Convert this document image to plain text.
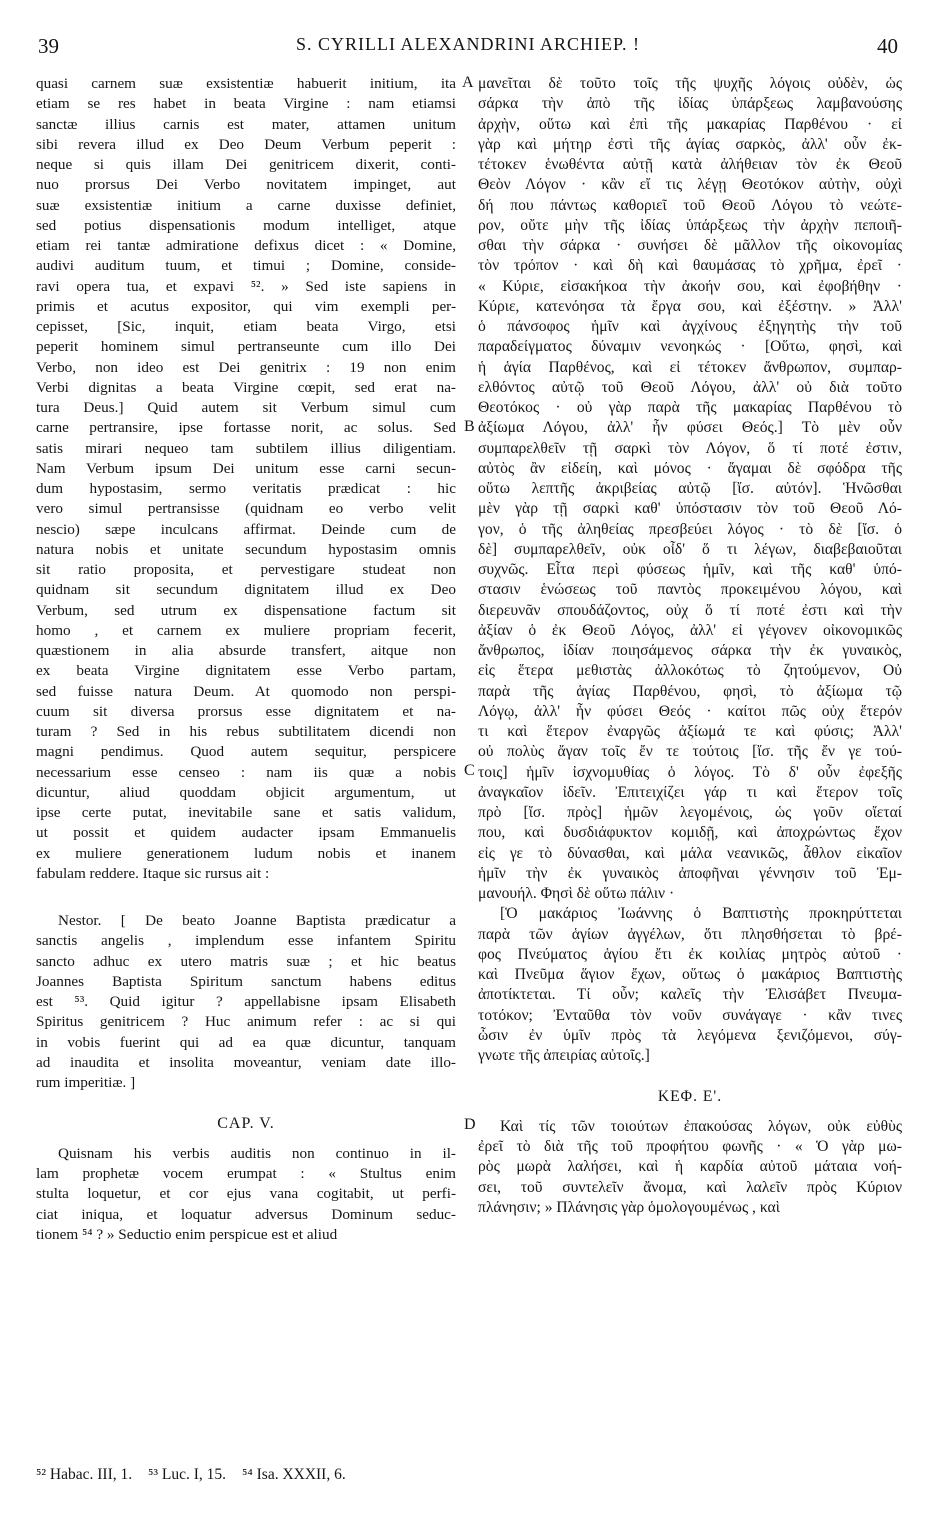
39	S. CYRILLI ALEXANDRINI ARCHIEP. !	40
A
B
C
D
quasi carnem suæ exsistentiæ habuerit initium, ita
etiam se res habet in beata Virgine : nam etiamsi
sanctæ illius carnis est mater, attamen unitum
sibi revera illud ex Deo Deum Verbum peperit :
neque si quis illam Dei genitricem dixerit, conti-
nuo prorsus Dei Verbo novitatem impinget, aut
suæ exsistentiæ initium a carne duxisse definiet,
sed potius dispensationis modum intelliget, atque
etiam rei tantæ admiratione defixus dicet : « Domine,
audivi auditum tuum, et timui ; Domine, conside-
ravi opera tua, et expavi ⁵². » Sed iste sapiens in
primis et acutus expositor, qui vim exempli per-
cepisset, [Sic, inquit, etiam beata Virgo, etsi
peperit hominem simul pertranseunte cum illo Dei
Verbo, non ideo est Dei genitrix : 19 non enim
Verbi dignitas a beata Virgine cœpit, sed erat na-
tura Deus.] Quid autem sit Verbum simul cum
carne pertransire, ipse fortasse norit, ac solus. Sed
satis mirari nequeo tam subtilem illius diligentiam.
Nam Verbum ipsum Dei unitum esse carni secun-
dum hypostasim, sermo veritatis prædicat : hic
vero simul pertransisse (quidnam eo verbo velit
nescio) sæpe inculcans affirmat. Deinde cum de
natura nobis et unitate secundum hypostasim omnis
sit ratio proposita, et pervestigare studeat non
quidnam sit secundum dignitatem illud ex Deo
Verbum, sed utrum ex dispensatione factum sit
homo , et carnem ex muliere propriam fecerit,
quæstionem in alia absurde transfert, aitque non
ex beata Virgine dignitatem esse Verbo partam,
sed fuisse natura Deum. At quomodo non perspi-
cuum sit diversa prorsus esse dignitatem et na-
turam ? Sed in his rebus subtilitatem dicendi non
magni pendimus. Quod autem sequitur, perspicere
necessarium esse censeo : nam iis quæ a nobis
dicuntur, aliud quoddam objicit argumentum, ut
ipse certe putat, inevitabile sane et satis validum,
ut possit et quidem audacter ipsam Emmanuelis
ex muliere generationem ludum nobis et inanem
fabulam reddere. Itaque sic rursus ait :
Nestor. [ De beato Joanne Baptista prædicatur a
sanctis angelis , implendum esse infantem Spiritu
sancto adhuc ex utero matris suæ ; et hic beatus
Joannes Baptista Spiritum sanctum habens editus
est ⁵³. Quid igitur ? appellabisne ipsam Elisabeth
Spiritus genitricem ? Huc animum refer : ac si qui
in vobis fuerint qui ad ea quæ dicuntur, tanquam
ad inaudita et insolita moveantur, veniam date illo-
rum imperitiæ. ]
CAP. V.
Quisnam his verbis auditis non continuo in il-
lam prophetæ vocem erumpat : « Stultus enim
stulta loquetur, et cor ejus vana cogitabit, ut perfi-
ciat iniqua, et loquatur adversus Dominum seduc-
tionem ⁵⁴ ? » Seductio enim perspicue est et aliud
μανεῖται δὲ τοῦτο τοῖς τῆς ψυχῆς λόγοις οὐδὲν, ὡς
σάρκα τὴν ἀπὸ τῆς ἰδίας ὑπάρξεως λαμβανούσης
ἀρχὴν, οὕτω καὶ ἐπὶ τῆς μακαρίας Παρθένου · εἰ
γὰρ καὶ μήτηρ ἐστὶ τῆς ἁγίας σαρκὸς, ἀλλ' οὖν ἐκ-
τέτοκεν ἑνωθέντα αὐτῇ κατὰ ἀλήθειαν τὸν ἐκ Θεοῦ
Θεὸν Λόγον · κἂν εἴ τις λέγῃ Θεοτόκον αὐτὴν, οὐχὶ
δή που πάντως καθοριεῖ τοῦ Θεοῦ Λόγου τὸ νεώτε-
ρον, οὔτε μὴν τῆς ἰδίας ὑπάρξεως τὴν ἀρχὴν πεποιῆ-
σθαι τὴν σάρκα · συνήσει δὲ μᾶλλον τῆς οἰκονομίας
τὸν τρόπον · καὶ δὴ καὶ θαυμάσας τὸ χρῆμα, ἐρεῖ ·
« Κύριε, εἰσακήκοα τὴν ἀκοήν σου, καὶ ἐφοβήθην ·
Κύριε, κατενόησα τὰ ἔργα σου, καὶ ἐξέστην. » Ἀλλ'
ὁ πάνσοφος ἡμῖν καὶ ἀγχίνους ἐξηγητὴς τὴν τοῦ
παραδείγματος δύναμιν νενοηκώς · [Οὕτω, φησὶ, καὶ
ἡ ἁγία Παρθένος, καὶ εἰ τέτοκεν ἄνθρωπον, συμπαρ-
ελθόντος αὐτῷ τοῦ Θεοῦ Λόγου, ἀλλ' οὐ διὰ τοῦτο
Θεοτόκος · οὐ γὰρ παρὰ τῆς μακαρίας Παρθένου τὸ
ἀξίωμα Λόγου, ἀλλ' ἦν φύσει Θεός.] Τὸ μὲν οὖν
συμπαρελθεῖν τῇ σαρκὶ τὸν Λόγον, ὅ τί ποτέ ἐστιν,
αὐτὸς ἂν εἰδείη, καὶ μόνος · ἄγαμαι δὲ σφόδρα τῆς
οὕτω λεπτῆς ἀκριβείας αὐτῷ [ἴσ. αὐτόν]. Ἡνῶσθαι
μὲν γὰρ τῇ σαρκὶ καθ' ὑπόστασιν τὸν τοῦ Θεοῦ Λό-
γον, ὁ τῆς ἀληθείας πρεσβεύει λόγος · τὸ δὲ [ἴσ. ὁ
δὲ] συμπαρελθεῖν, οὐκ οἶδ' ὅ τι λέγων, διαβεβαιοῦται
συχνῶς. Εἶτα περὶ φύσεως ἡμῖν, καὶ τῆς καθ' ὑπό-
στασιν ἑνώσεως τοῦ παντὸς προκειμένου λόγου, καὶ
διερευνᾶν σπουδάζοντος, οὐχ ὅ τί ποτέ ἐστι καὶ τὴν
ἀξίαν ὁ ἐκ Θεοῦ Λόγος, ἀλλ' εἰ γέγονεν οἰκονομικῶς
ἄνθρωπος, ἰδίαν ποιησάμενος σάρκα τὴν ἐκ γυναικὸς,
εἰς ἕτερα μεθιστὰς ἀλλοκότως τὸ ζητούμενον, Οὐ
παρὰ τῆς ἁγίας Παρθένου, φησὶ, τὸ ἀξίωμα τῷ
Λόγῳ, ἀλλ' ἦν φύσει Θεός · καίτοι πῶς οὐχ ἕτερόν
τι καὶ ἕτερον ἐναργῶς ἀξίωμά τε καὶ φύσις; Ἀλλ'
οὐ πολὺς ἄγαν τοῖς ἔν τε τούτοις [ἴσ. τῆς ἔν γε τού-
τοις] ἡμῖν ἰσχνομυθίας ὁ λόγος. Τὸ δ' οὖν ἐφεξῆς
ἀναγκαῖον ἰδεῖν. Ἐπιτειχίζει γάρ τι καὶ ἕτερον τοῖς
πρὸ [ἴσ. πρὸς] ἡμῶν λεγομένοις, ὡς γοῦν οἴεταί
που, καὶ δυσδιάφυκτον κομιδῇ, καὶ ἀποχρώντως ἔχον
εἰς γε τὸ δύνασθαι, καὶ μάλα νεανικῶς, ἆθλον εἰκαῖον
ἡμῖν τὴν ἐκ γυναικὸς ἀποφῆναι γέννησιν τοῦ Ἐμ-
μανουήλ. Φησὶ δὲ οὕτω πάλιν ·
[Ὁ μακάριος Ἰωάννης ὁ Βαπτιστὴς προκηρύττεται
παρὰ τῶν ἁγίων ἀγγέλων, ὅτι πλησθήσεται τὸ βρέ-
φος Πνεύματος ἁγίου ἔτι ἐκ κοιλίας μητρὸς αὐτοῦ ·
καὶ Πνεῦμα ἅγιον ἔχων, οὕτως ὁ μακάριος Βαπτιστὴς
ἀποτίκτεται. Τί οὖν; καλεῖς τὴν Ἐλισάβετ Πνευμα-
τοτόκον; Ἐνταῦθα τὸν νοῦν συνάγαγε · κἂν τινες
ὦσιν ἐν ὑμῖν πρὸς τὰ λεγόμενα ξενιζόμενοι, σύγ-
γνωτε τῆς ἀπειρίας αὐτοῖς.]
ΚΕΦ. Ε'.
Καὶ τίς τῶν τοιούτων ἐπακούσας λόγων, οὐκ εὐθὺς
ἐρεῖ τὸ διὰ τῆς τοῦ προφήτου φωνῆς · « Ὁ γὰρ μω-
ρὸς μωρὰ λαλήσει, καὶ ἡ καρδία αὐτοῦ μάταια νοή-
σει, τοῦ συντελεῖν ἄνομα, καὶ λαλεῖν πρὸς Κύριον
πλάνησιν; » Πλάνησις γὰρ ὁμολογουμένως , καὶ
⁵² Habac. III, 1. ⁵³ Luc. I, 15. ⁵⁴ Isa. XXXII, 6.
